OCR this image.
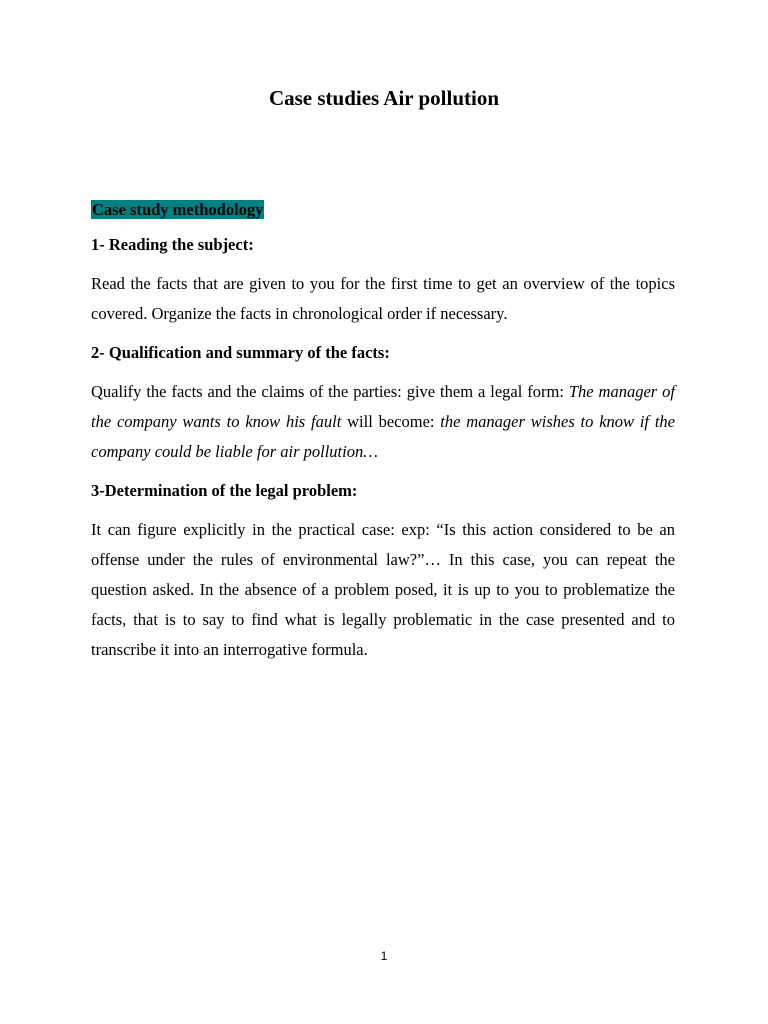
Case studies Air pollution

Case study methodology

1- Reading the subject:

Read the facts that are given to you for the first time to get an overview of the topics covered. Organize the facts in chronological order if necessary.

2- Qualification and summary of the facts:

Qualify the facts and the claims of the parties: give them a legal form: The manager of the company wants to know his fault will become: the manager wishes to know if the company could be liable for air pollution…

3-Determination of the legal problem:

It can figure explicitly in the practical case: exp: “Is this action considered to be an offense under the rules of environmental law?”… In this case, you can repeat the question asked. In the absence of a problem posed, it is up to you to problematize the facts, that is to say to find what is legally problematic in the case presented and to transcribe it into an interrogative formula.

1
